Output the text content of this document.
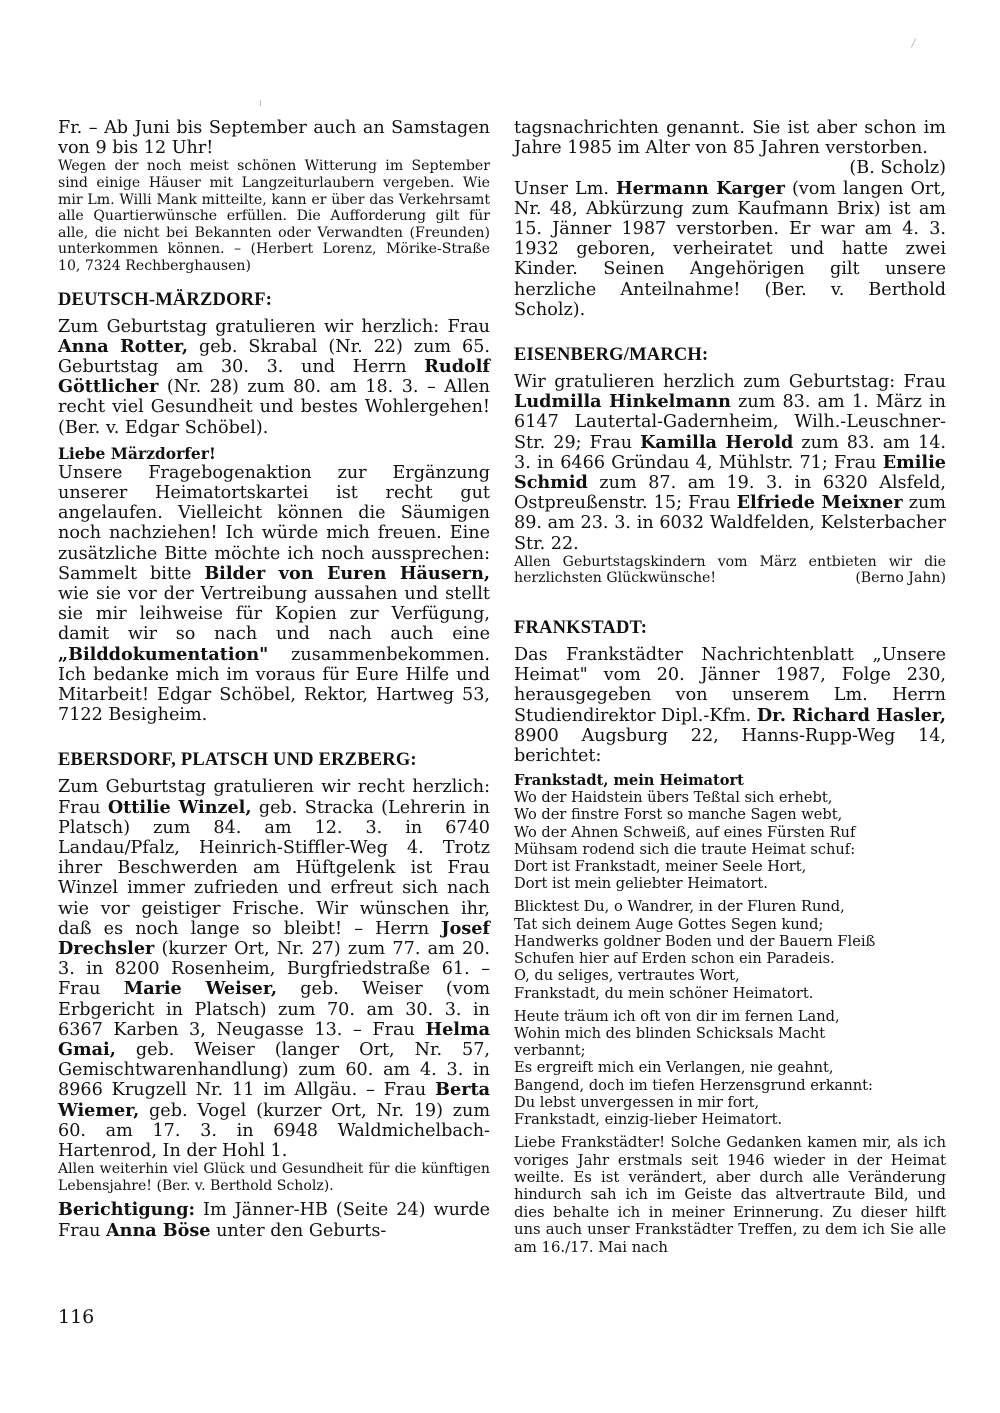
Fr. – Ab Juni bis September auch an Samstagen von 9 bis 12 Uhr!

Wegen der noch meist schönen Witterung im September sind einige Häuser mit Langzeiturlaubern vergeben. Wie mir Lm. Willi Mank mitteilte, kann er über das Verkehrsamt alle Quartierwünsche erfüllen. Die Aufforderung gilt für alle, die nicht bei Bekannten oder Verwandten (Freunden) unterkommen können. – (Herbert Lorenz, Mörike-Straße 10, 7324 Rechberghausen)

DEUTSCH-MÄRZDORF:

Zum Geburtstag gratulieren wir herzlich: Frau Anna Rotter, geb. Skrabal (Nr. 22) zum 65. Geburtstag am 30. 3. und Herrn Rudolf Göttlicher (Nr. 28) zum 80. am 18. 3. – Allen recht viel Gesundheit und bestes Wohlergehen! (Ber. v. Edgar Schöbel).

Liebe Märzdorfer!

Unsere Fragebogenaktion zur Ergänzung unserer Heimatortskartei ist recht gut angelaufen. Vielleicht können die Säumigen noch nachziehen! Ich würde mich freuen. Eine zusätzliche Bitte möchte ich noch aussprechen: Sammelt bitte Bilder von Euren Häusern, wie sie vor der Vertreibung aussahen und stellt sie mir leihweise für Kopien zur Verfügung, damit wir so nach und nach auch eine „Bilddokumentation" zusammenbekommen. Ich bedanke mich im voraus für Eure Hilfe und Mitarbeit! Edgar Schöbel, Rektor, Hartweg 53, 7122 Besigheim.

EBERSDORF, PLATSCH UND ERZBERG:

Zum Geburtstag gratulieren wir recht herzlich: Frau Ottilie Winzel, geb. Stracka (Lehrerin in Platsch) zum 84. am 12. 3. in 6740 Landau/Pfalz, Heinrich-Stiffler-Weg 4. Trotz ihrer Beschwerden am Hüftgelenk ist Frau Winzel immer zufrieden und erfreut sich nach wie vor geistiger Frische. Wir wünschen ihr, daß es noch lange so bleibt! – Herrn Josef Drechsler (kurzer Ort, Nr. 27) zum 77. am 20. 3. in 8200 Rosenheim, Burgfriedstraße 61. – Frau Marie Weiser, geb. Weiser (vom Erbgericht in Platsch) zum 70. am 30. 3. in 6367 Karben 3, Neugasse 13. – Frau Helma Gmai, geb. Weiser (langer Ort, Nr. 57, Gemischtwarenhandlung) zum 60. am 4. 3. in 8966 Krugzell Nr. 11 im Allgäu. – Frau Berta Wiemer, geb. Vogel (kurzer Ort, Nr. 19) zum 60. am 17. 3. in 6948 Waldmichelbach-Hartenrod, In der Hohl 1.

Allen weiterhin viel Glück und Gesundheit für die künftigen Lebensjahre! (Ber. v. Berthold Scholz).

Berichtigung: Im Jänner-HB (Seite 24) wurde Frau Anna Böse unter den Geburts-

tagsnachrichten genannt. Sie ist aber schon im Jahre 1985 im Alter von 85 Jahren verstorben.
(B. Scholz)

Unser Lm. Hermann Karger (vom langen Ort, Nr. 48, Abkürzung zum Kaufmann Brix) ist am 15. Jänner 1987 verstorben. Er war am 4. 3. 1932 geboren, verheiratet und hatte zwei Kinder. Seinen Angehörigen gilt unsere herzliche Anteilnahme! (Ber. v. Berthold Scholz).

EISENBERG/MARCH:

Wir gratulieren herzlich zum Geburtstag: Frau Ludmilla Hinkelmann zum 83. am 1. März in 6147 Lautertal-Gadernheim, Wilh.-Leuschner-Str. 29; Frau Kamilla Herold zum 83. am 14. 3. in 6466 Gründau 4, Mühlstr. 71; Frau Emilie Schmid zum 87. am 19. 3. in 6320 Alsfeld, Ostpreußenstr. 15; Frau Elfriede Meixner zum 89. am 23. 3. in 6032 Waldfelden, Kelsterbacher Str. 22.

Allen Geburtstagskindern vom März entbieten wir die herzlichsten Glückwünsche!	(Berno Jahn)

FRANKSTADT:

Das Frankstädter Nachrichtenblatt „Unsere Heimat" vom 20. Jänner 1987, Folge 230, herausgegeben von unserem Lm. Herrn Studiendirektor Dipl.-Kfm. Dr. Richard Hasler, 8900 Augsburg 22, Hanns-Rupp-Weg 14, berichtet:

Frankstadt, mein Heimatort
Wo der Haidstein übers Teßtal sich erhebt,
Wo der finstre Forst so manche Sagen webt,
Wo der Ahnen Schweiß, auf eines Fürsten Ruf
Mühsam rodend sich die traute Heimat schuf:
Dort ist Frankstadt, meiner Seele Hort,
Dort ist mein geliebter Heimatort.
Blicktest Du, o Wandrer, in der Fluren Rund,
Tat sich deinem Auge Gottes Segen kund;
Handwerks goldner Boden und der Bauern Fleiß
Schufen hier auf Erden schon ein Paradeis.
O, du seliges, vertrautes Wort,
Frankstadt, du mein schöner Heimatort.
Heute träum ich oft von dir im fernen Land,
Wohin mich des blinden Schicksals Macht
verbannt;
Es ergreift mich ein Verlangen, nie geahnt,
Bangend, doch im tiefen Herzensgrund erkannt:
Du lebst unvergessen in mir fort,
Frankstadt, einzig-lieber Heimatort.

Liebe Frankstädter! Solche Gedanken kamen mir, als ich voriges Jahr erstmals seit 1946 wieder in der Heimat weilte. Es ist verändert, aber durch alle Veränderung hindurch sah ich im Geiste das altvertraute Bild, und dies behalte ich in meiner Erinnerung. Zu dieser hilft uns auch unser Frankstädter Treffen, zu dem ich Sie alle am 16./17. Mai nach

116
